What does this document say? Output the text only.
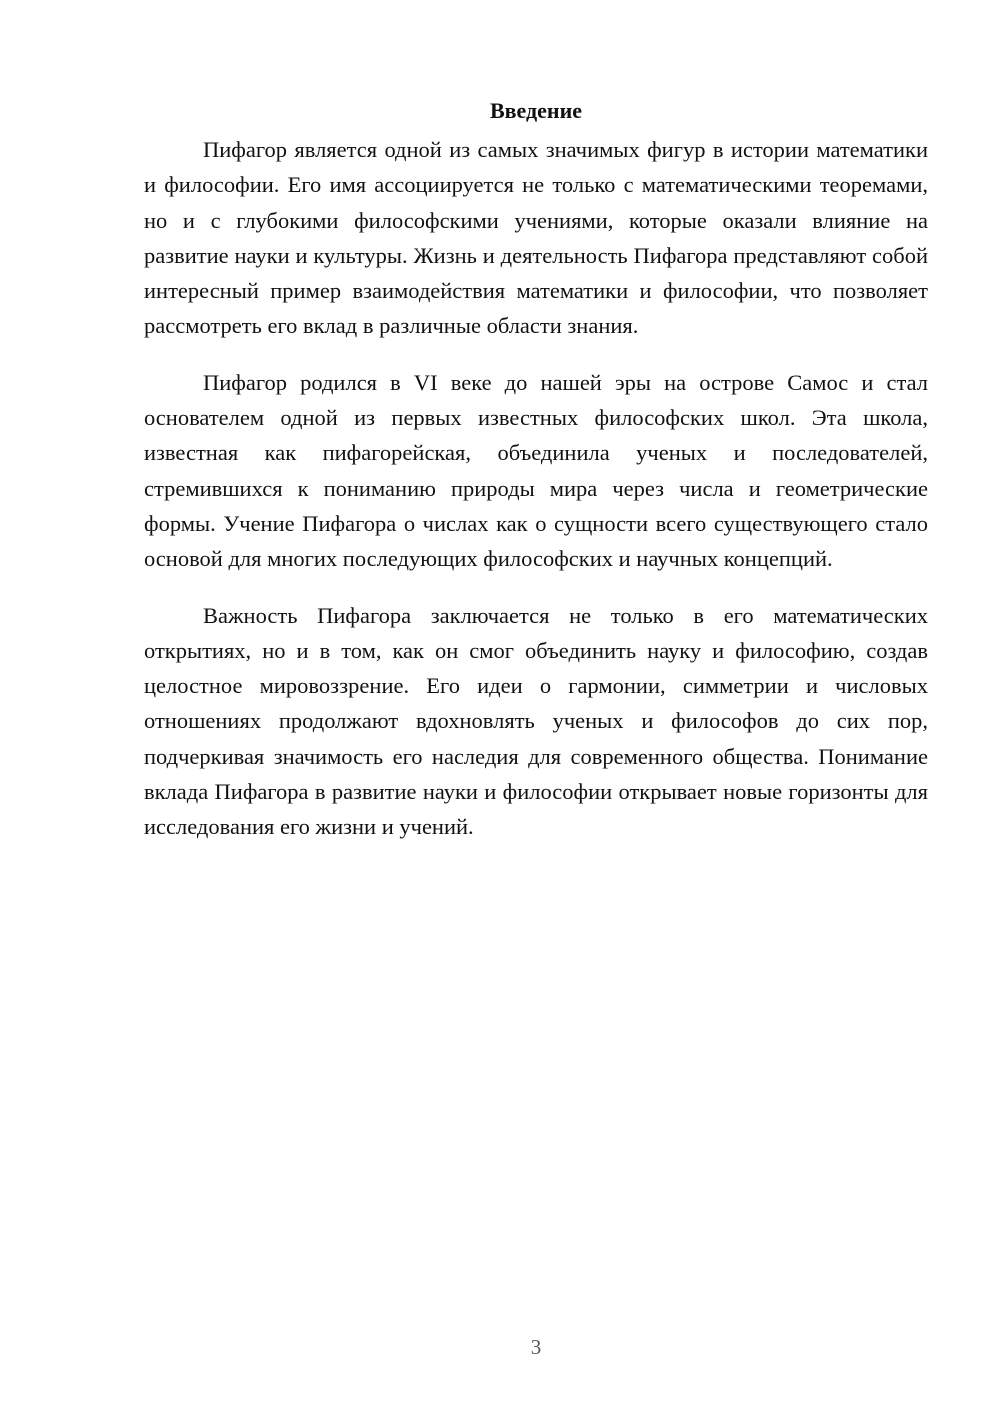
Введение

Пифагор является одной из самых значимых фигур в истории математики и философии. Его имя ассоциируется не только с математическими теоремами, но и с глубокими философскими учениями, которые оказали влияние на развитие науки и культуры. Жизнь и деятельность Пифагора представляют собой интересный пример взаимодействия математики и философии, что позволяет рассмотреть его вклад в различные области знания.

Пифагор родился в VI веке до нашей эры на острове Самос и стал основателем одной из первых известных философских школ. Эта школа, известная как пифагорейская, объединила ученых и последователей, стремившихся к пониманию природы мира через числа и геометрические формы. Учение Пифагора о числах как о сущности всего существующего стало основой для многих последующих философских и научных концепций.

Важность Пифагора заключается не только в его математических открытиях, но и в том, как он смог объединить науку и философию, создав целостное мировоззрение. Его идеи о гармонии, симметрии и числовых отношениях продолжают вдохновлять ученых и философов до сих пор, подчеркивая значимость его наследия для современного общества. Понимание вклада Пифагора в развитие науки и философии открывает новые горизонты для исследования его жизни и учений.

3
